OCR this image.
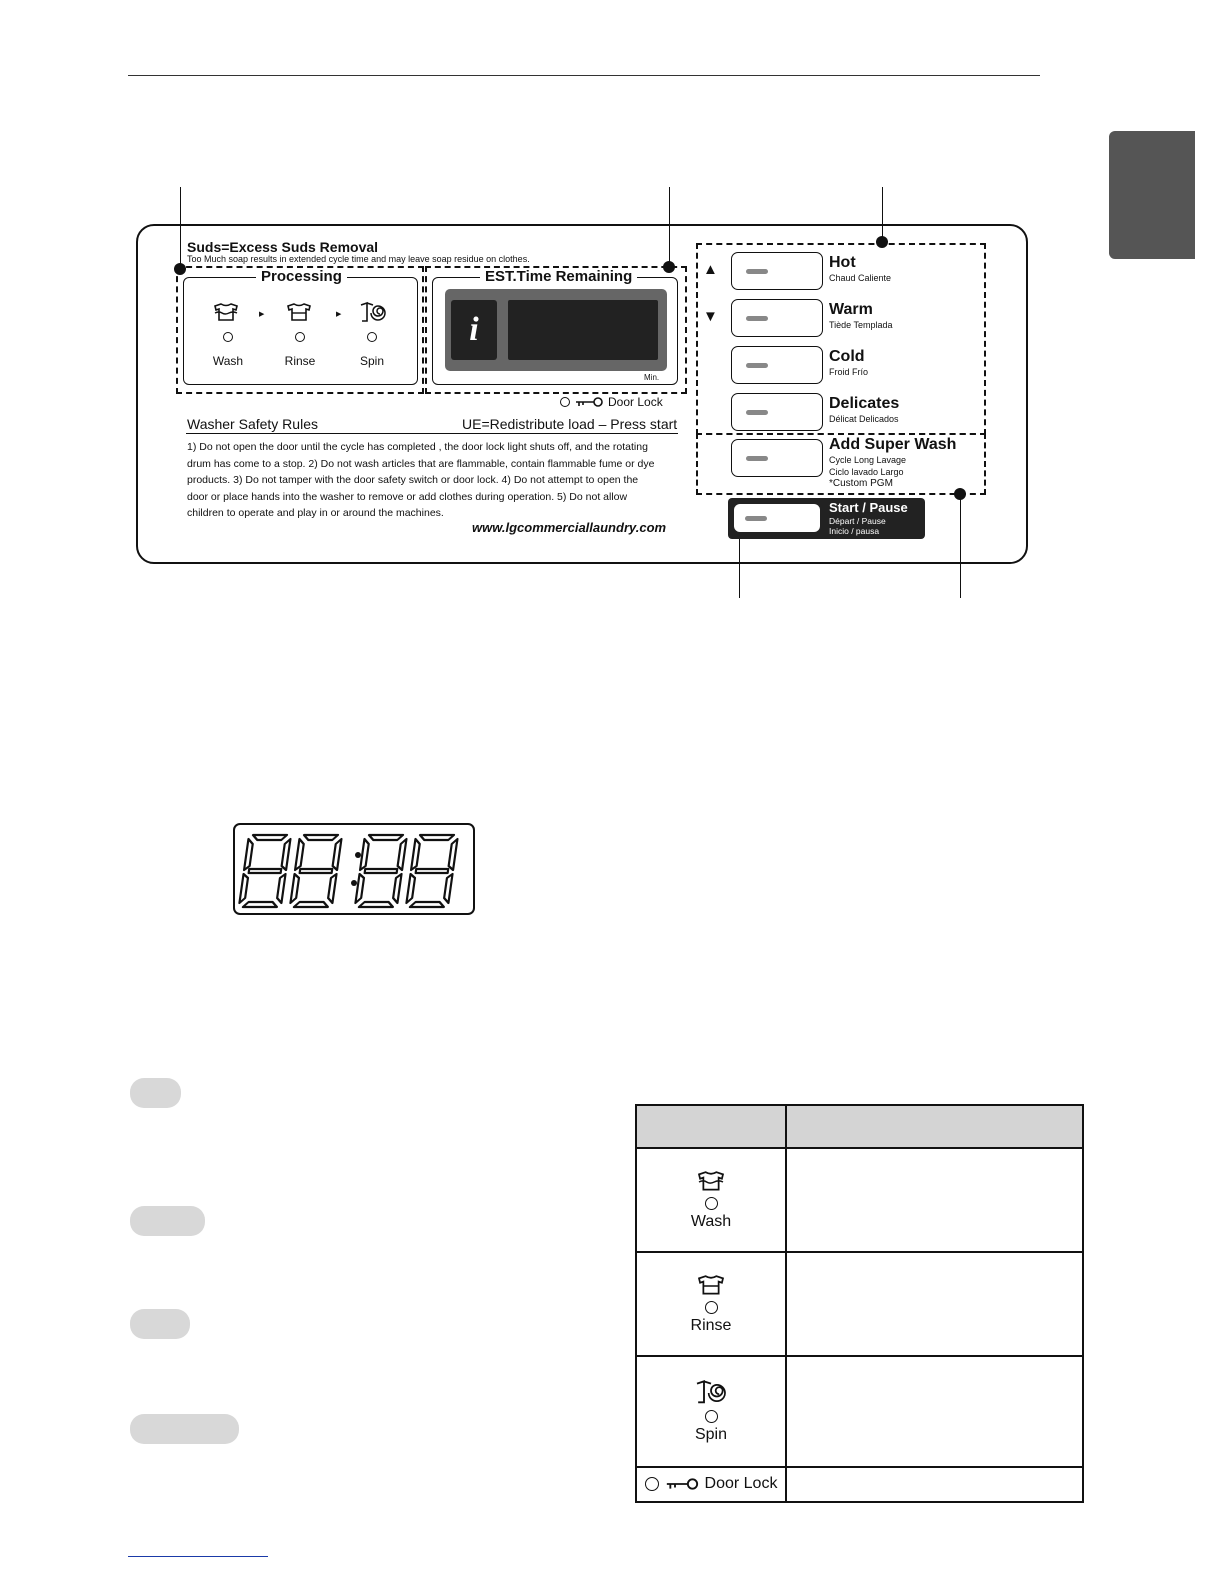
Suds=Excess Suds Removal
Too Much soap results in extended cycle time and may leave soap residue on clothes.
Processing
Wash
▶
Rinse
▶
Spin
EST.Time Remaining
i
Min.
Door Lock
Washer Safety Rules	UE=Redistribute load – Press start
1) Do not open the door until the cycle has completed , the door lock light shuts off, and the rotating
drum has come to a stop. 2) Do not wash articles that are flammable, contain flammable fume or dye
products. 3) Do not tamper with the door safety switch or door lock. 4) Do not attempt to open the
door or place hands into the washer to remove or add clothes during operation. 5) Do not allow
children to operate and play in or around the machines.
www.lgcommerciallaundry.com
▲
▼
Hot
Chaud Caliente
Warm
Tiède Templada
Cold
Froid Frío
Delicates
Délicat Delicados
Add Super Wash
Cycle Long Lavage
Ciclo lavado Largo
*Custom PGM
Start / Pause
Départ / Pause
Inicio / pausa

Wash	

Rinse	

Spin	

Door Lock	
